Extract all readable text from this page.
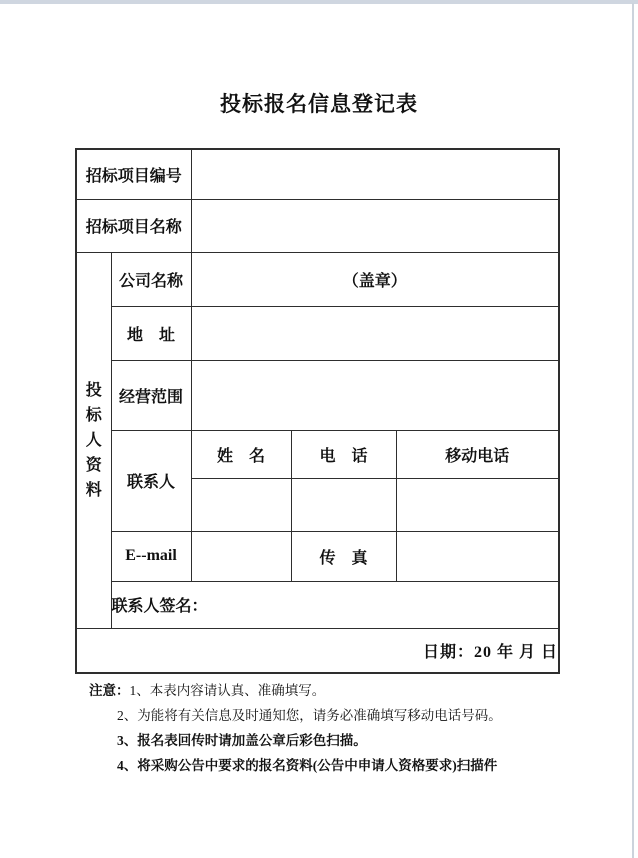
投标报名信息登记表
招标项目编号				
招标项目名称				

投标人资料	公司名称	（盖章）		
	地　址			
	经营范围			
	联系人	姓　名	电　话	移动电话

	E--mail		传　真	
	联系人签名：			
日期：20 年 月 日				
注意：1、本表内容请认真、准确填写。
2、为能将有关信息及时通知您，请务必准确填写移动电话号码。
3、报名表回传时请加盖公章后彩色扫描。
4、将采购公告中要求的报名资料(公告中申请人资格要求)扫描件
